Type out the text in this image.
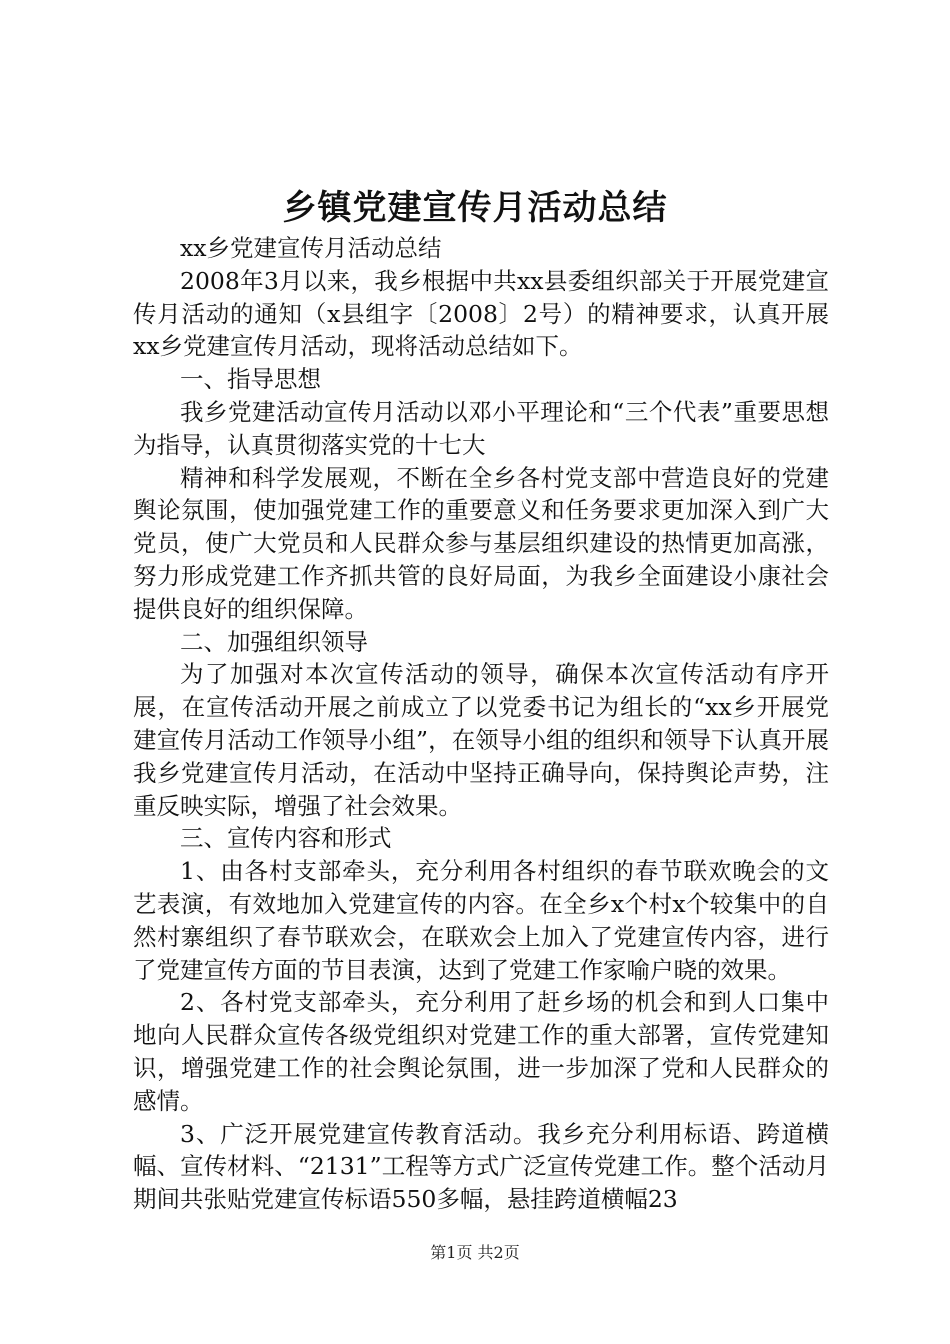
乡镇党建宣传月活动总结

xx乡党建宣传月活动总结

2008年3月以来，我乡根据中共xx县委组织部关于开展党建宣传月活动的通知（x县组字〔2008〕2号）的精神要求，认真开展xx乡党建宣传月活动，现将活动总结如下。

一、指导思想

我乡党建活动宣传月活动以邓小平理论和“三个代表”重要思想为指导，认真贯彻落实党的十七大

精神和科学发展观，不断在全乡各村党支部中营造良好的党建舆论氛围，使加强党建工作的重要意义和任务要求更加深入到广大党员，使广大党员和人民群众参与基层组织建设的热情更加高涨，努力形成党建工作齐抓共管的良好局面，为我乡全面建设小康社会提供良好的组织保障。

二、加强组织领导

为了加强对本次宣传活动的领导，确保本次宣传活动有序开展，在宣传活动开展之前成立了以党委书记为组长的“xx乡开展党建宣传月活动工作领导小组”，在领导小组的组织和领导下认真开展我乡党建宣传月活动，在活动中坚持正确导向，保持舆论声势，注重反映实际，增强了社会效果。

三、宣传内容和形式

1、由各村支部牵头，充分利用各村组织的春节联欢晚会的文艺表演，有效地加入党建宣传的内容。在全乡x个村x个较集中的自然村寨组织了春节联欢会，在联欢会上加入了党建宣传内容，进行了党建宣传方面的节目表演，达到了党建工作家喻户晓的效果。

2、各村党支部牵头，充分利用了赶乡场的机会和到人口集中地向人民群众宣传各级党组织对党建工作的重大部署，宣传党建知识，增强党建工作的社会舆论氛围，进一步加深了党和人民群众的感情。

3、广泛开展党建宣传教育活动。我乡充分利用标语、跨道横幅、宣传材料、“2131”工程等方式广泛宣传党建工作。整个活动月期间共张贴党建宣传标语550多幅，悬挂跨道横幅23

第1页 共2页
